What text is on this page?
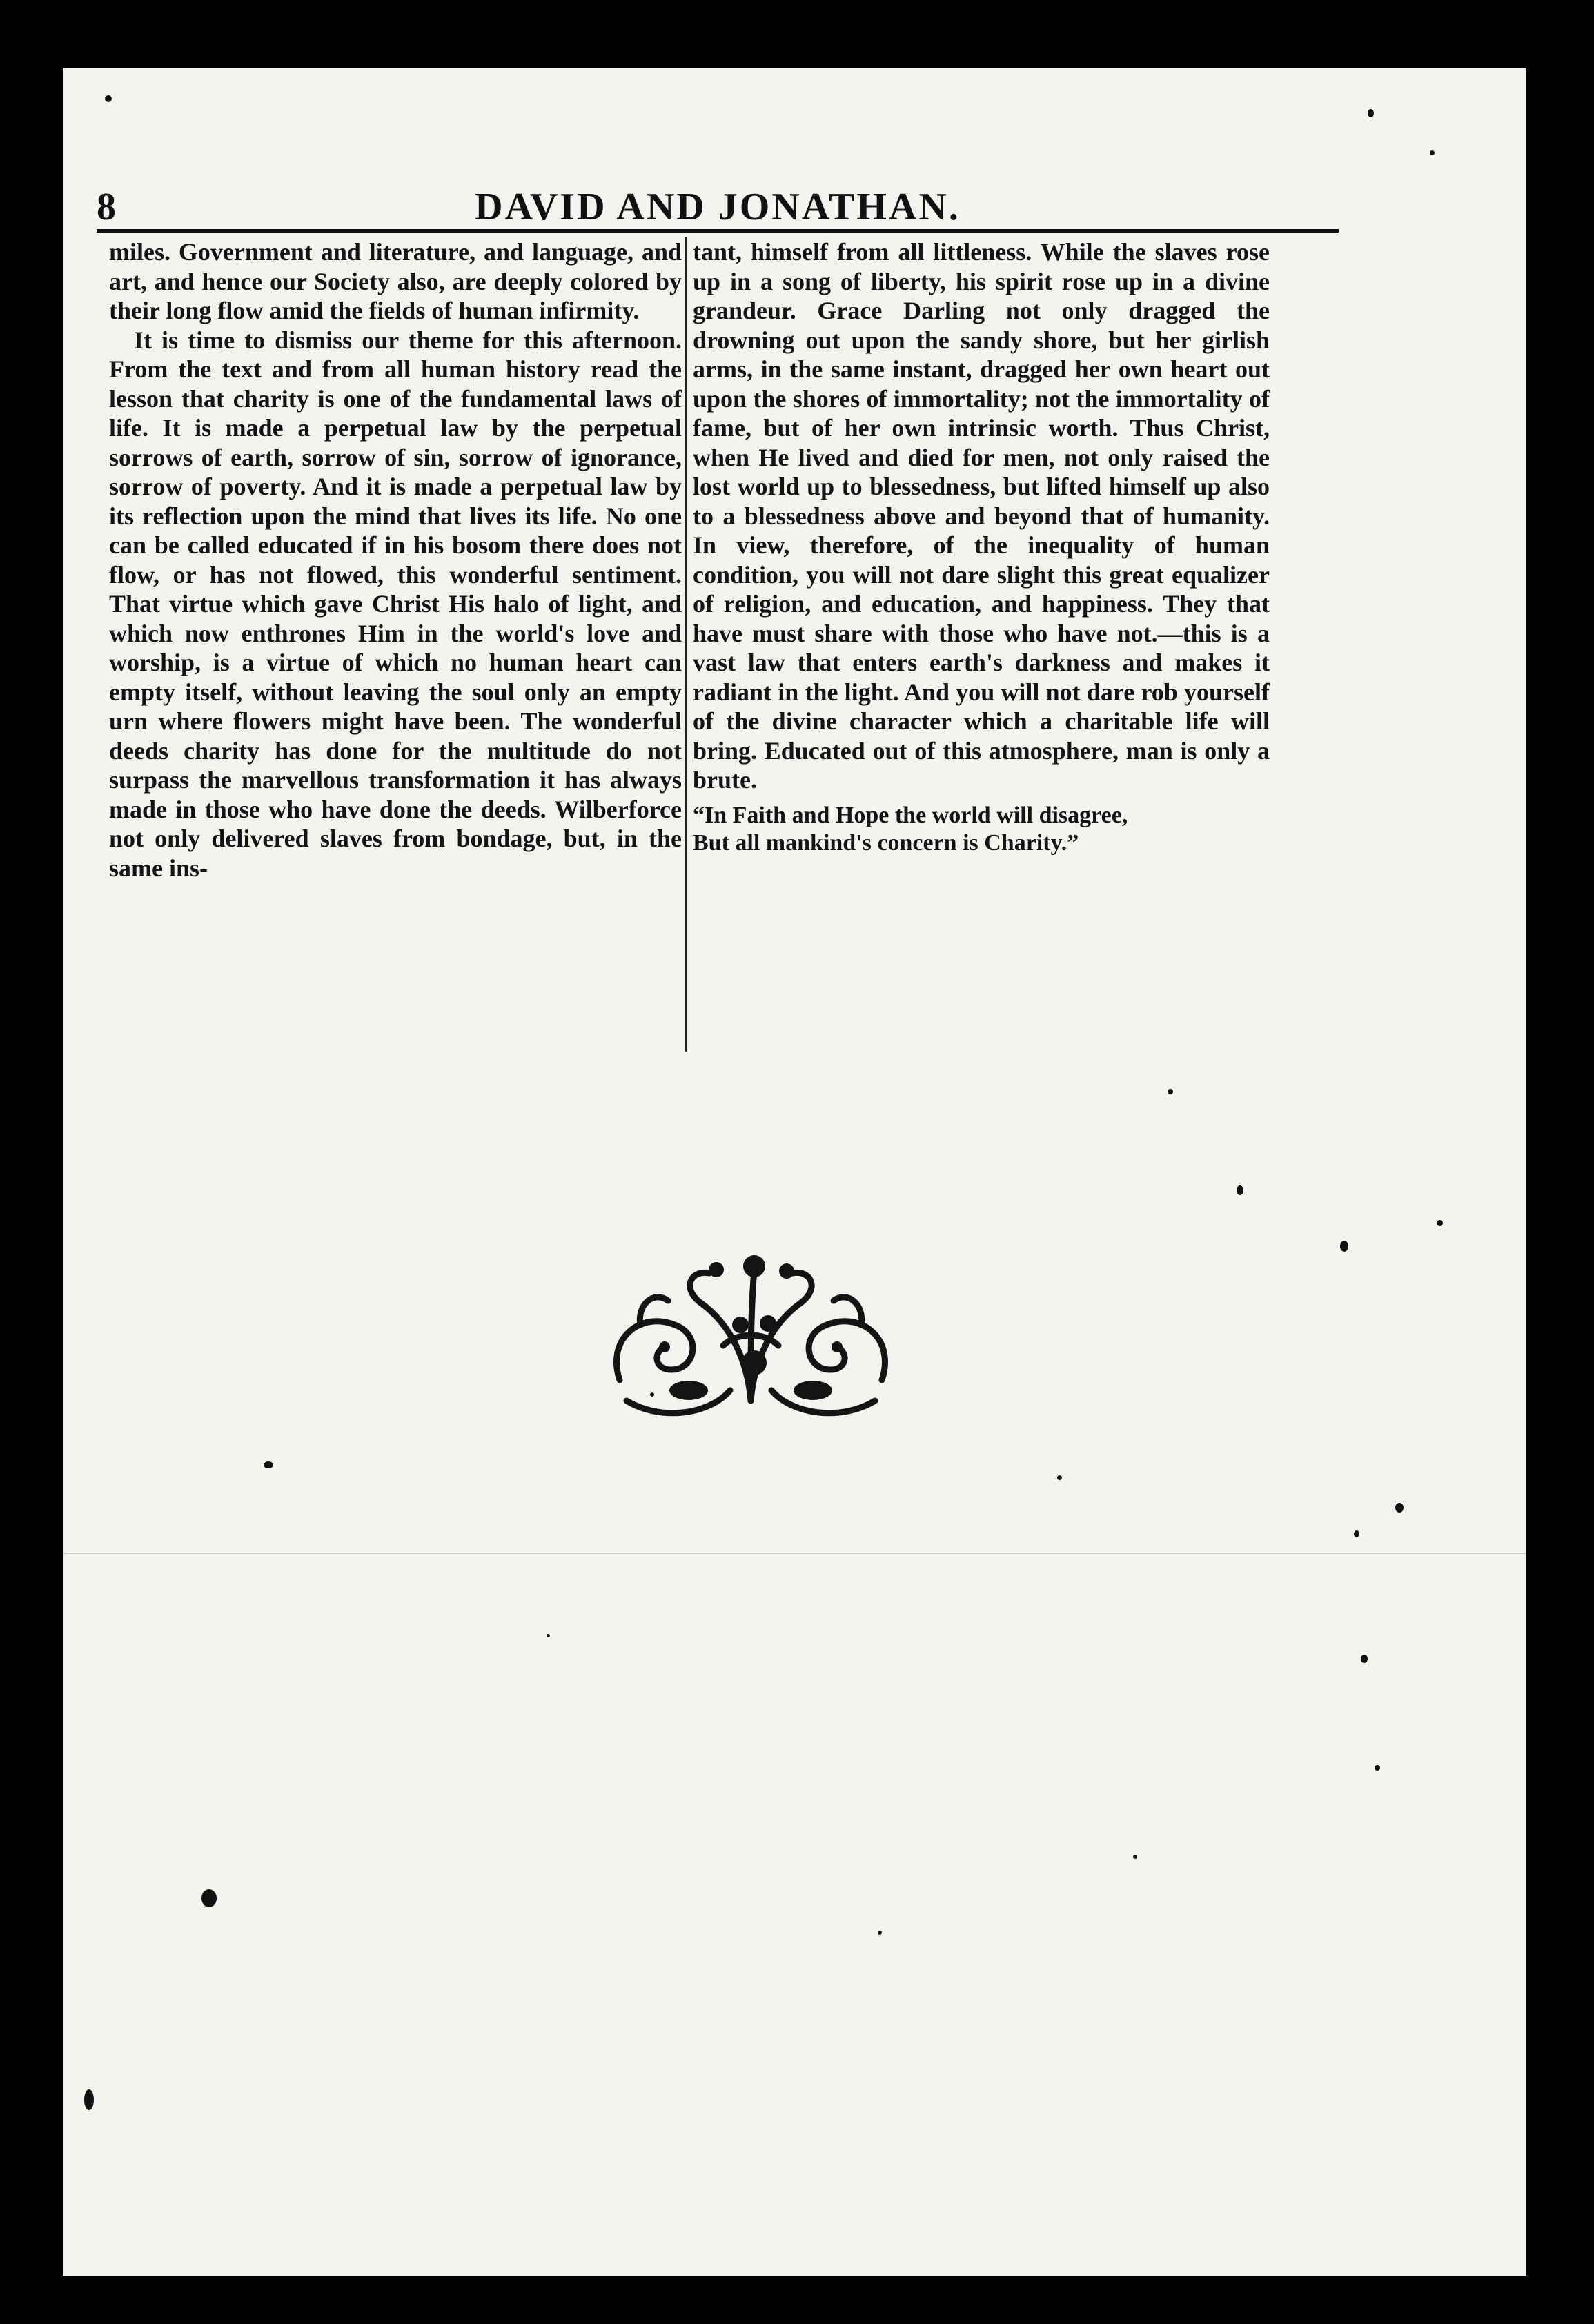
8	DAVID AND JONATHAN.

miles. Government and literature, and language, and art, and hence our Society also, are deeply colored by their long flow amid the fields of human infirmity.

It is time to dismiss our theme for this afternoon. From the text and from all human history read the lesson that charity is one of the fundamental laws of life. It is made a perpetual law by the perpetual sorrows of earth, sorrow of sin, sorrow of ignorance, sorrow of poverty. And it is made a perpetual law by its reflection upon the mind that lives its life. No one can be called educated if in his bosom there does not flow, or has not flowed, this wonderful sentiment. That virtue which gave Christ His halo of light, and which now enthrones Him in the world's love and worship, is a virtue of which no human heart can empty itself, without leaving the soul only an empty urn where flowers might have been. The wonderful deeds charity has done for the multitude do not surpass the marvellous transformation it has always made in those who have done the deeds. Wilberforce not only delivered slaves from bondage, but, in the same ins-

tant, himself from all littleness. While the slaves rose up in a song of liberty, his spirit rose up in a divine grandeur. Grace Darling not only dragged the drowning out upon the sandy shore, but her girlish arms, in the same instant, dragged her own heart out upon the shores of immortality; not the immortality of fame, but of her own intrinsic worth. Thus Christ, when He lived and died for men, not only raised the lost world up to blessedness, but lifted himself up also to a blessedness above and beyond that of humanity. In view, therefore, of the inequality of human condition, you will not dare slight this great equalizer of religion, and education, and happiness. They that have must share with those who have not.—this is a vast law that enters earth's darkness and makes it radiant in the light. And you will not dare rob yourself of the divine character which a charitable life will bring. Educated out of this atmosphere, man is only a brute.

“In Faith and Hope the world will disagree,
But all mankind's concern is Charity.”
